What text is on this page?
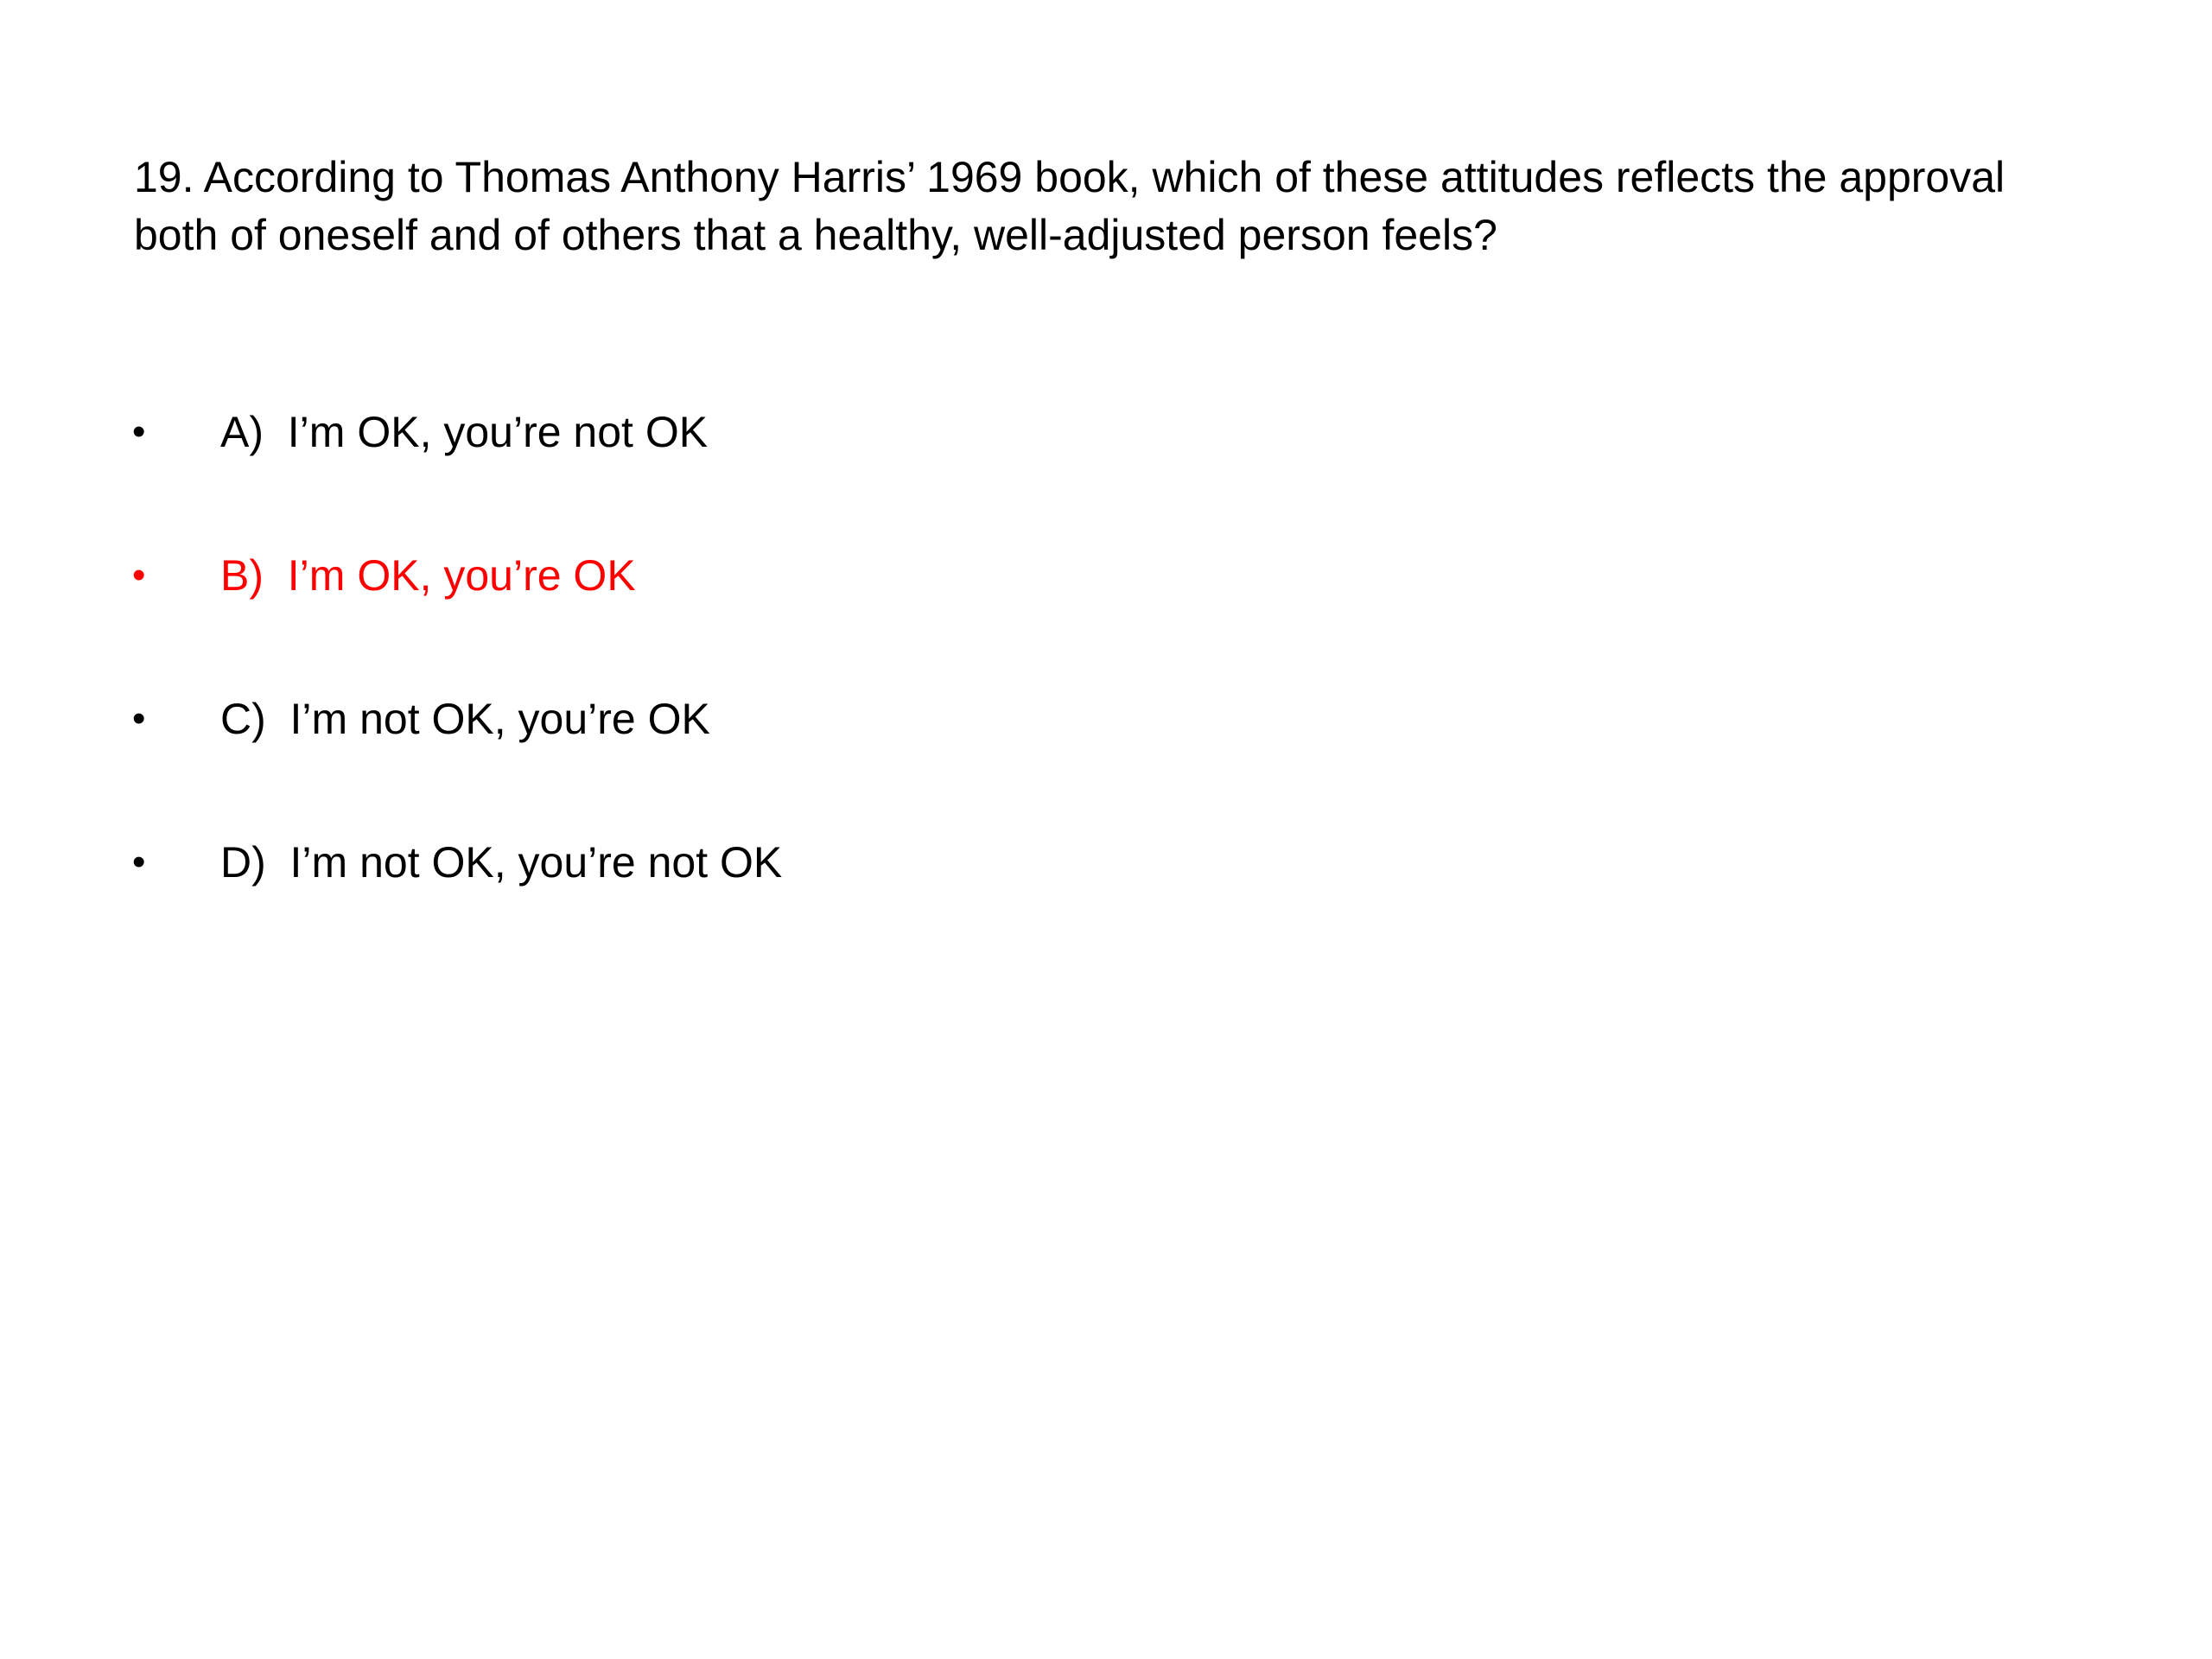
19. According to Thomas Anthony Harris’ 1969 book, which of these attitudes reflects the approval both of oneself and of others that a healthy, well-adjusted person feels?

•	A)  I’m OK, you’re not OK
•	B)  I’m OK, you’re OK
•	C)  I’m not OK, you’re OK
•	D)  I’m not OK, you’re not OK
